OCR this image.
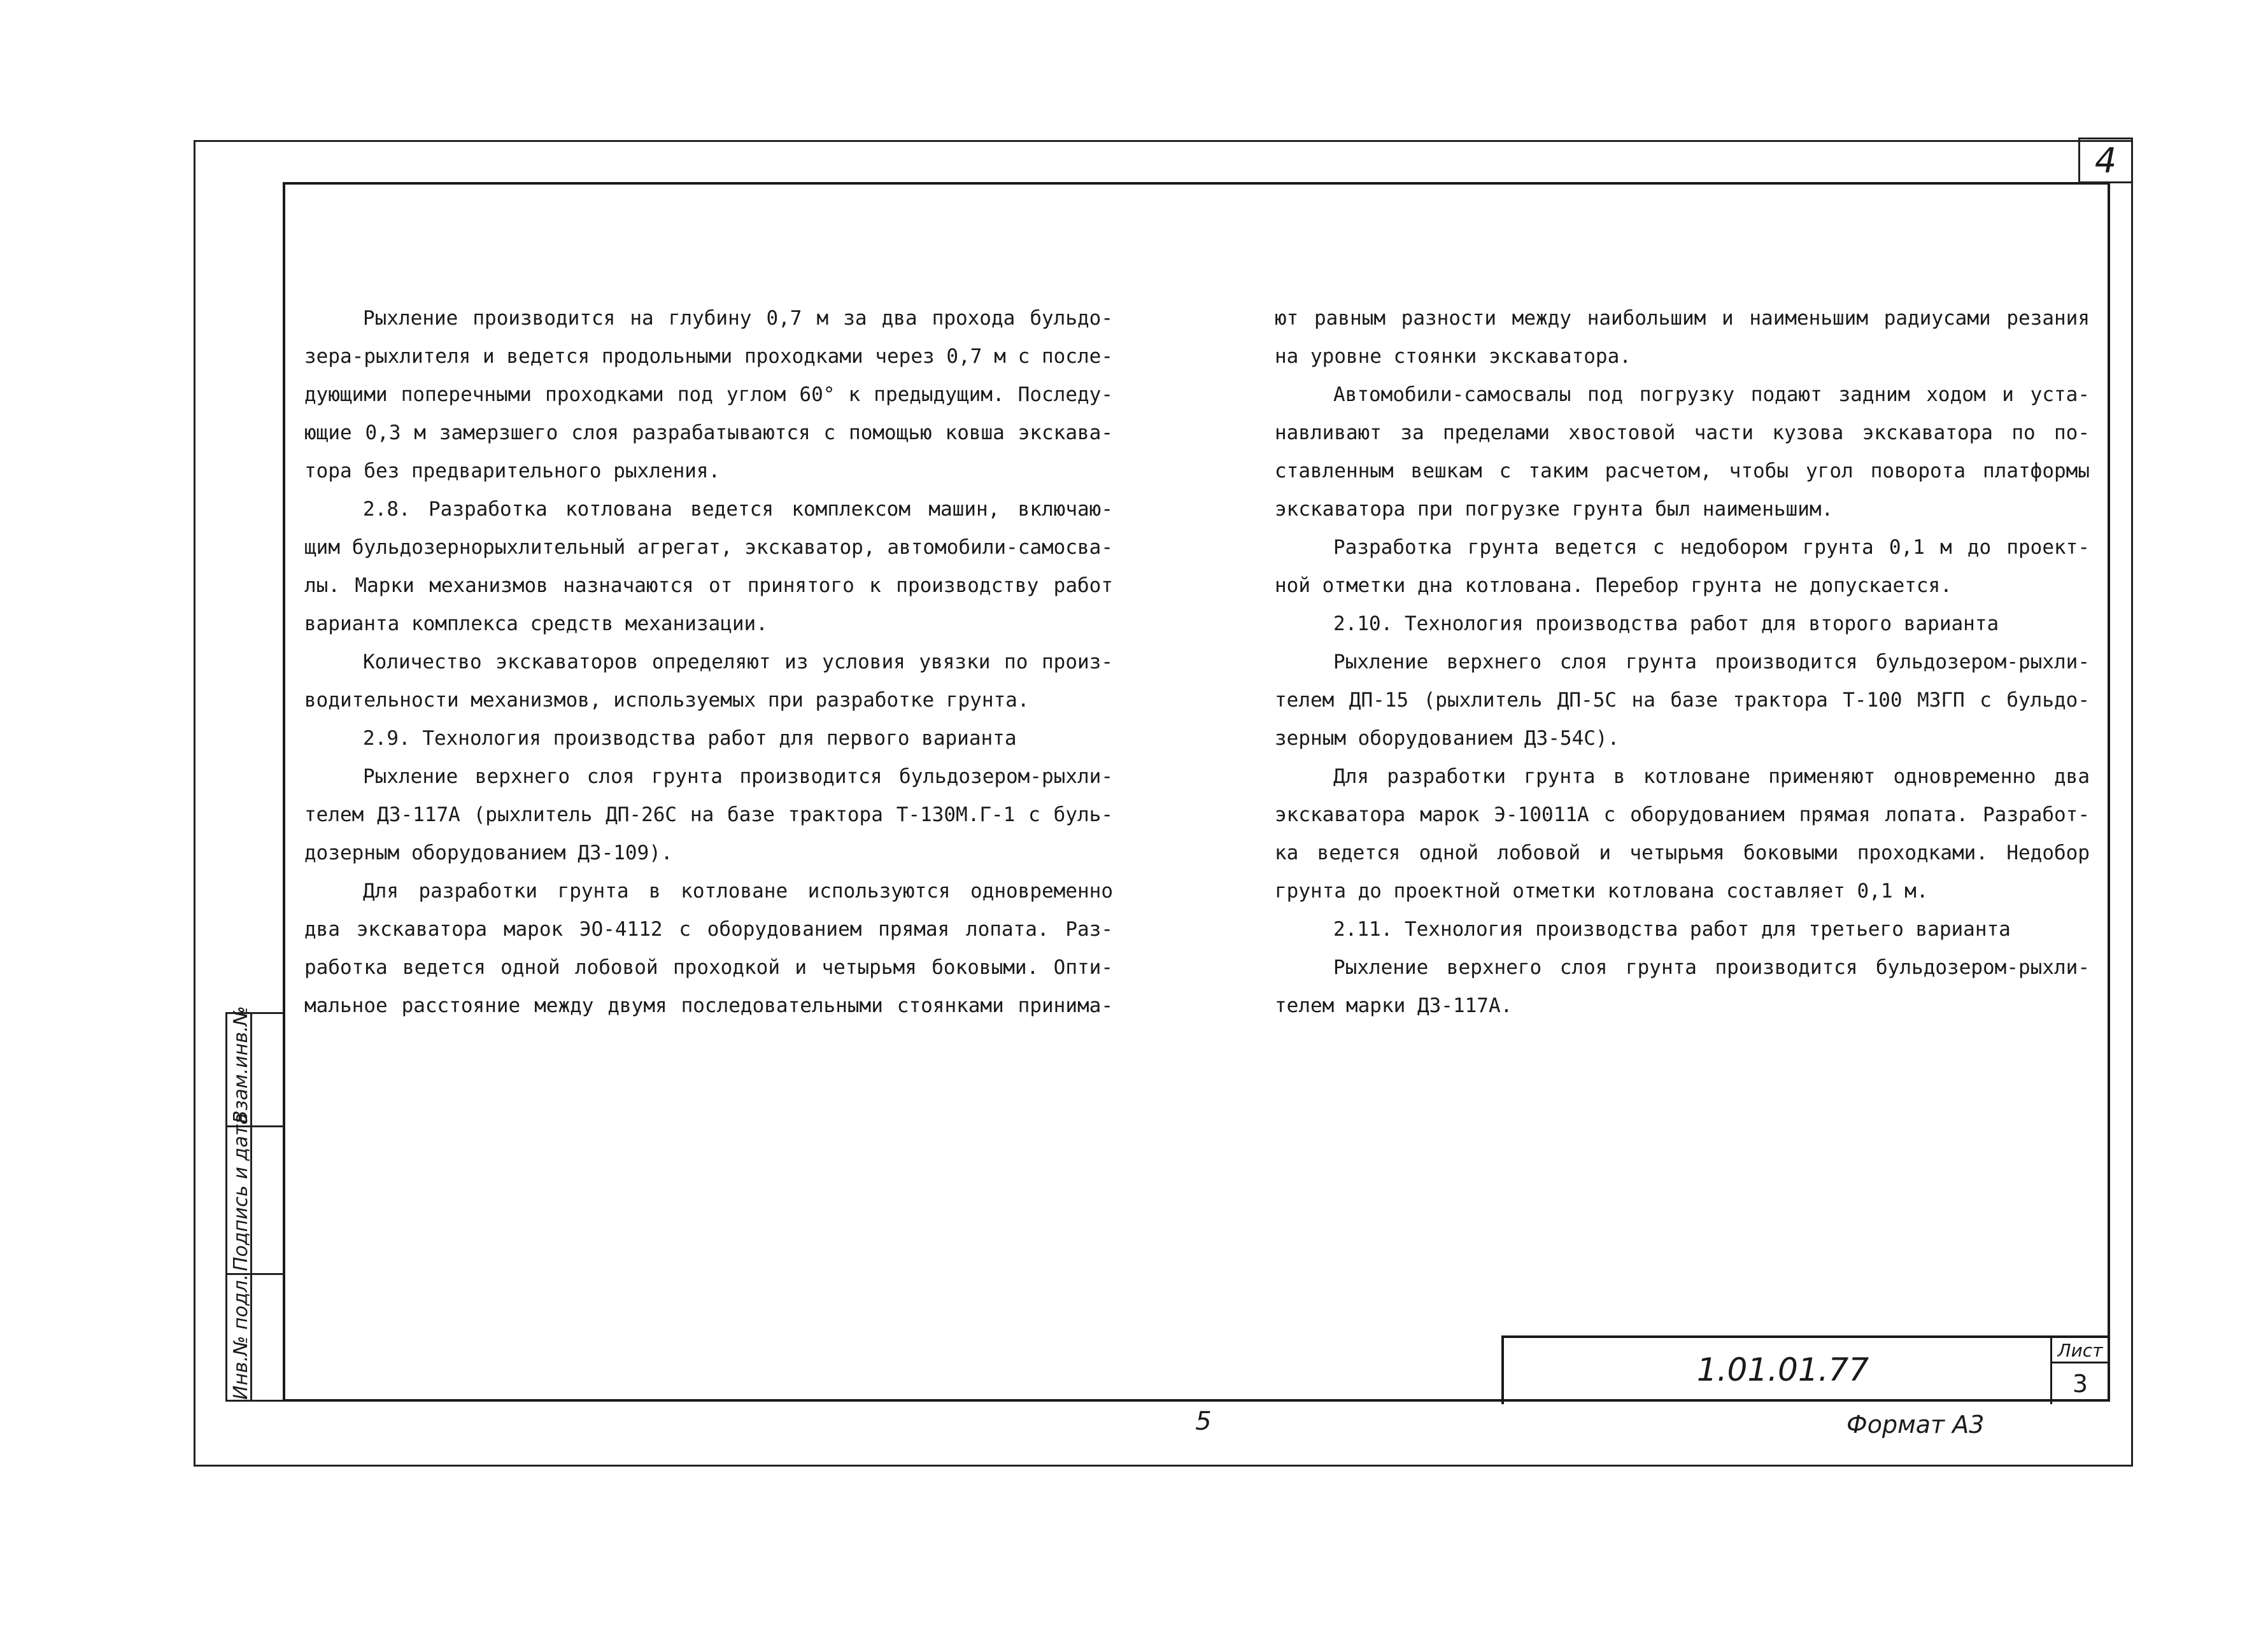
4
Взам.инв.№
Подпись и дата
Инв.№ подл.
Рыхление производится на глубину 0,7 м за два прохода бульдо-
зера-рыхлителя и ведется продольными проходками через 0,7 м с после-
дующими поперечными проходками под углом 60° к предыдущим. Последу-
ющие 0,3 м замерзшего слоя разрабатываются с помощью ковша экскава-
тора без предварительного рыхления.
2.8. Разработка котлована ведется комплексом машин, включаю-
щим бульдозернорыхлительный агрегат, экскаватор, автомобили-самосва-
лы. Марки механизмов назначаются от принятого к производству работ
варианта комплекса средств механизации.
Количество экскаваторов определяют из условия увязки по произ-
водительности механизмов, используемых при разработке грунта.
2.9. Технология производства работ для первого варианта
Рыхление верхнего слоя грунта производится бульдозером-рыхли-
телем ДЗ-117А (рыхлитель ДП-26С на базе трактора Т-130М.Г-1 с буль-
дозерным оборудованием ДЗ-109).
Для разработки грунта в котловане используются одновременно
два экскаватора марок ЭО-4112 с оборудованием прямая лопата. Раз-
работка ведется одной лобовой проходкой и четырьмя боковыми. Опти-
мальное расстояние между двумя последовательными стоянками принима-
ют равным разности между наибольшим и наименьшим радиусами резания
на уровне стоянки экскаватора.
Автомобили-самосвалы под погрузку подают задним ходом и уста-
навливают за пределами хвостовой части кузова экскаватора по по-
ставленным вешкам с таким расчетом, чтобы угол поворота платформы
экскаватора при погрузке грунта был наименьшим.
Разработка грунта ведется с недобором грунта 0,1 м до проект-
ной отметки дна котлована. Перебор грунта не допускается.
2.10. Технология производства работ для второго варианта
Рыхление верхнего слоя грунта производится бульдозером-рыхли-
телем ДП-15 (рыхлитель ДП-5С на базе трактора Т-100 МЗГП с бульдо-
зерным оборудованием ДЗ-54С).
Для разработки грунта в котловане применяют одновременно два
экскаватора марок Э-10011А с оборудованием прямая лопата. Разработ-
ка ведется одной лобовой и четырьмя боковыми проходками. Недобор
грунта до проектной отметки котлована составляет 0,1 м.
2.11. Технология производства работ для третьего варианта
Рыхление верхнего слоя грунта производится бульдозером-рыхли-
телем марки ДЗ-117А.
1.01.01.77
Лист
3
5	Формат А3
